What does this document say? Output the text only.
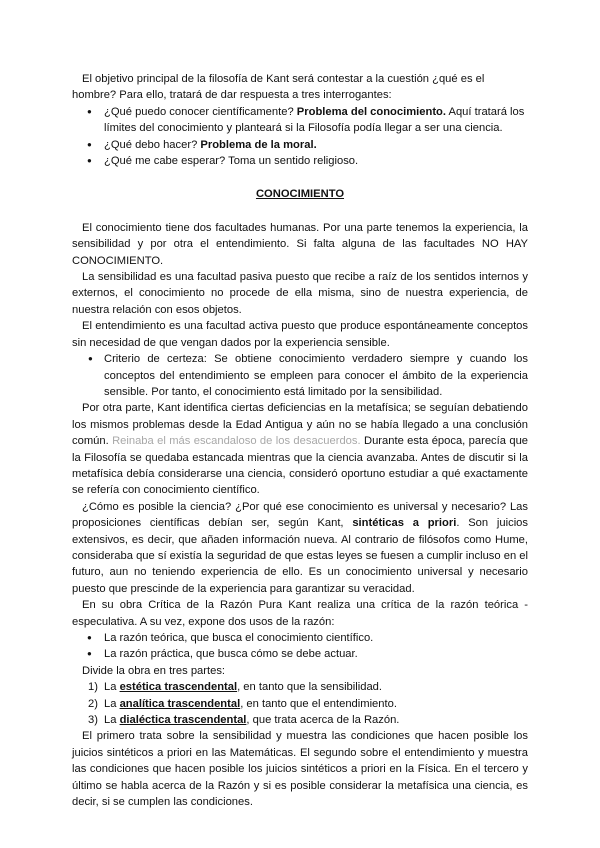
El objetivo principal de la filosofía de Kant será contestar a la cuestión ¿qué es el hombre? Para ello, tratará de dar respuesta a tres interrogantes:

● ¿Qué puedo conocer científicamente? Problema del conocimiento. Aquí tratará los límites del conocimiento y planteará si la Filosofía podía llegar a ser una ciencia.
● ¿Qué debo hacer? Problema de la moral.
● ¿Qué me cabe esperar? Toma un sentido religioso.

CONOCIMIENTO

El conocimiento tiene dos facultades humanas. Por una parte tenemos la experiencia, la sensibilidad y por otra el entendimiento. Si falta alguna de las facultades NO HAY CONOCIMIENTO.

La sensibilidad es una facultad pasiva puesto que recibe a raíz de los sentidos internos y externos, el conocimiento no procede de ella misma, sino de nuestra experiencia, de nuestra relación con esos objetos.

El entendimiento es una facultad activa puesto que produce espontáneamente conceptos sin necesidad de que vengan dados por la experiencia sensible.

● Criterio de certeza: Se obtiene conocimiento verdadero siempre y cuando los conceptos del entendimiento se empleen para conocer el ámbito de la experiencia sensible. Por tanto, el conocimiento está limitado por la sensibilidad.

Por otra parte, Kant identifica ciertas deficiencias en la metafísica; se seguían debatiendo los mismos problemas desde la Edad Antigua y aún no se había llegado a una conclusión común. Reinaba el más escandaloso de los desacuerdos. Durante esta época, parecía que la Filosofía se quedaba estancada mientras que la ciencia avanzaba. Antes de discutir si la metafísica debía considerarse una ciencia, consideró oportuno estudiar a qué exactamente se refería con conocimiento científico.

¿Cómo es posible la ciencia? ¿Por qué ese conocimiento es universal y necesario? Las proposiciones científicas debían ser, según Kant, sintéticas a priori. Son juicios extensivos, es decir, que añaden información nueva. Al contrario de filósofos como Hume, consideraba que sí existía la seguridad de que estas leyes se fuesen a cumplir incluso en el futuro, aun no teniendo experiencia de ello. Es un conocimiento universal y necesario puesto que prescinde de la experiencia para garantizar su veracidad.

En su obra Crítica de la Razón Pura Kant realiza una crítica de la razón teórica - especulativa. A su vez, expone dos usos de la razón:

● La razón teórica, que busca el conocimiento científico.
● La razón práctica, que busca cómo se debe actuar.

Divide la obra en tres partes:

1) La estética trascendental, en tanto que la sensibilidad.
2) La analítica trascendental, en tanto que el entendimiento.
3) La dialéctica trascendental, que trata acerca de la Razón.

El primero trata sobre la sensibilidad y muestra las condiciones que hacen posible los juicios sintéticos a priori en las Matemáticas. El segundo sobre el entendimiento y muestra las condiciones que hacen posible los juicios sintéticos a priori en la Física. En el tercero y último se habla acerca de la Razón y si es posible considerar la metafísica una ciencia, es decir, si se cumplen las condiciones.
